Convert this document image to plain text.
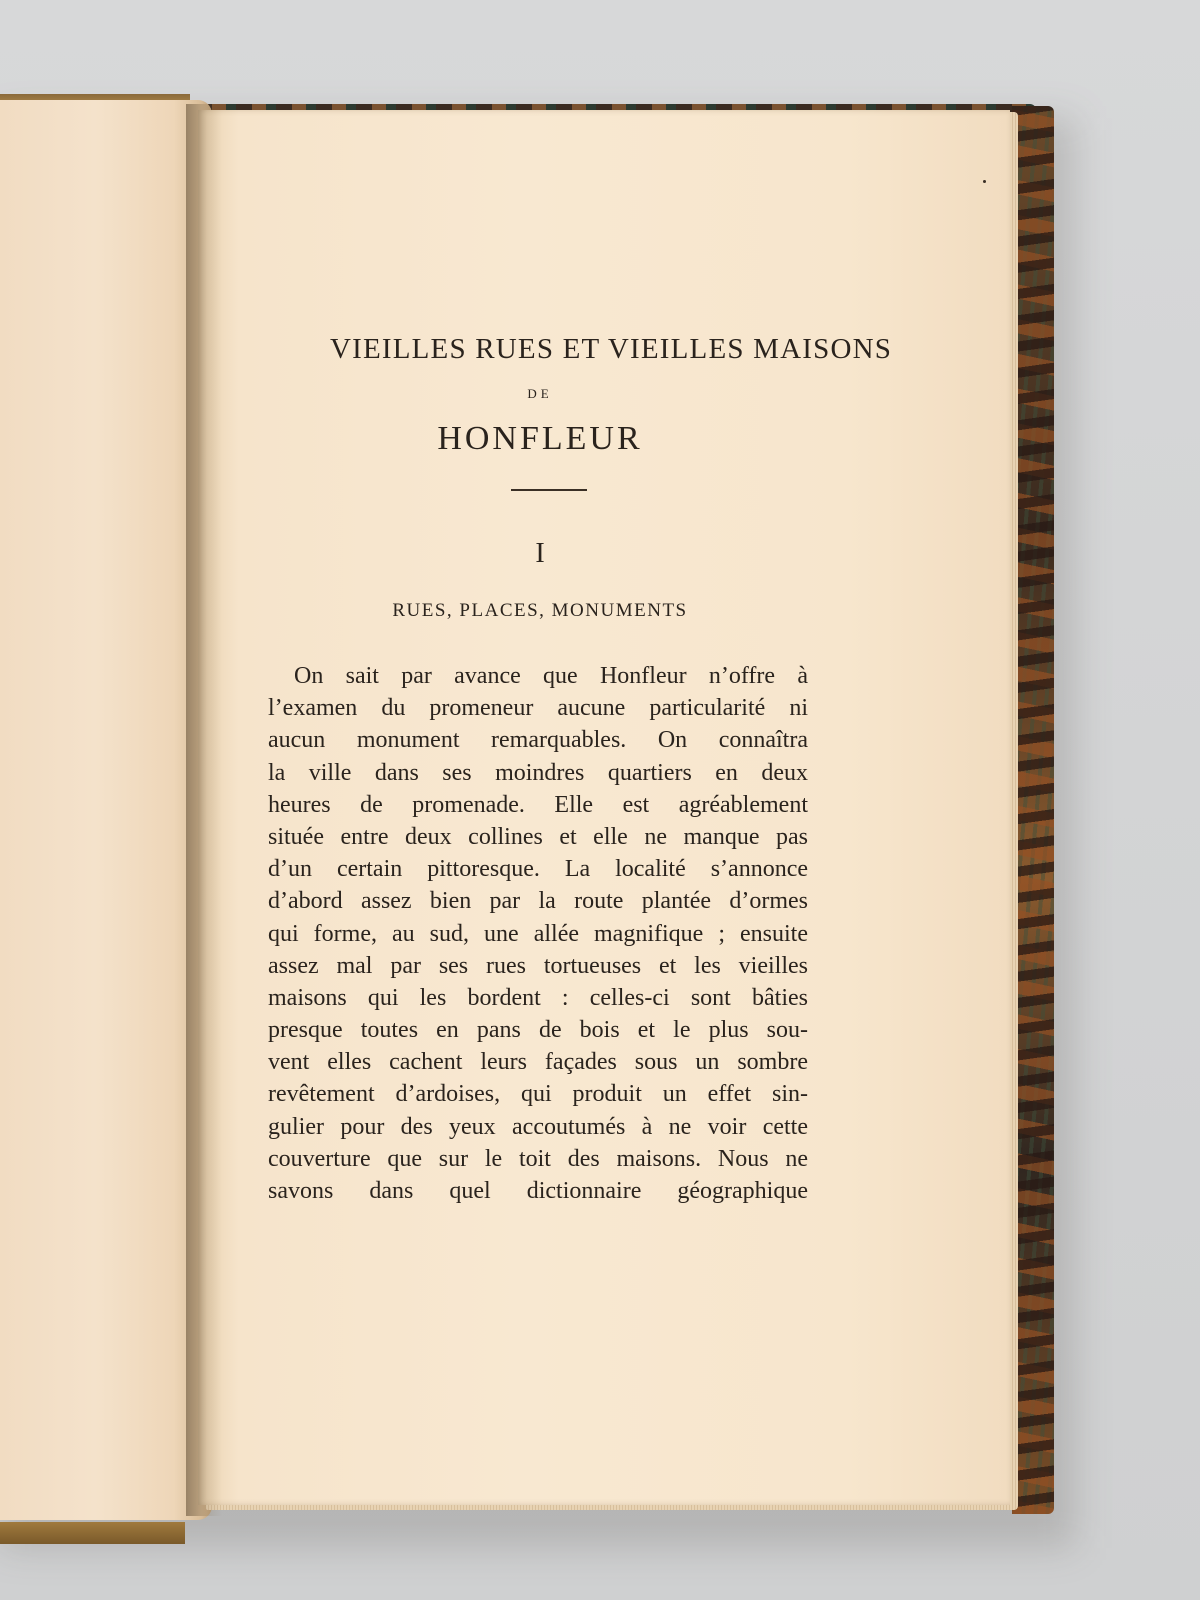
VIEILLES RUES ET VIEILLES MAISONS
DE
HONFLEUR
I
RUES, PLACES, MONUMENTS
On sait par avance que Honfleur n’offre à
l’examen du promeneur aucune particularité ni
aucun monument remarquables. On connaîtra
la ville dans ses moindres quartiers en deux
heures de promenade. Elle est agréablement
située entre deux collines et elle ne manque pas
d’un certain pittoresque. La localité s’annonce
d’abord assez bien par la route plantée d’ormes
qui forme, au sud, une allée magnifique ; ensuite
assez mal par ses rues tortueuses et les vieilles
maisons qui les bordent : celles-ci sont bâties
presque toutes en pans de bois et le plus sou-
vent elles cachent leurs façades sous un sombre
revêtement d’ardoises, qui produit un effet sin-
gulier pour des yeux accoutumés à ne voir cette
couverture que sur le toit des maisons. Nous ne
savons dans quel dictionnaire géographique
